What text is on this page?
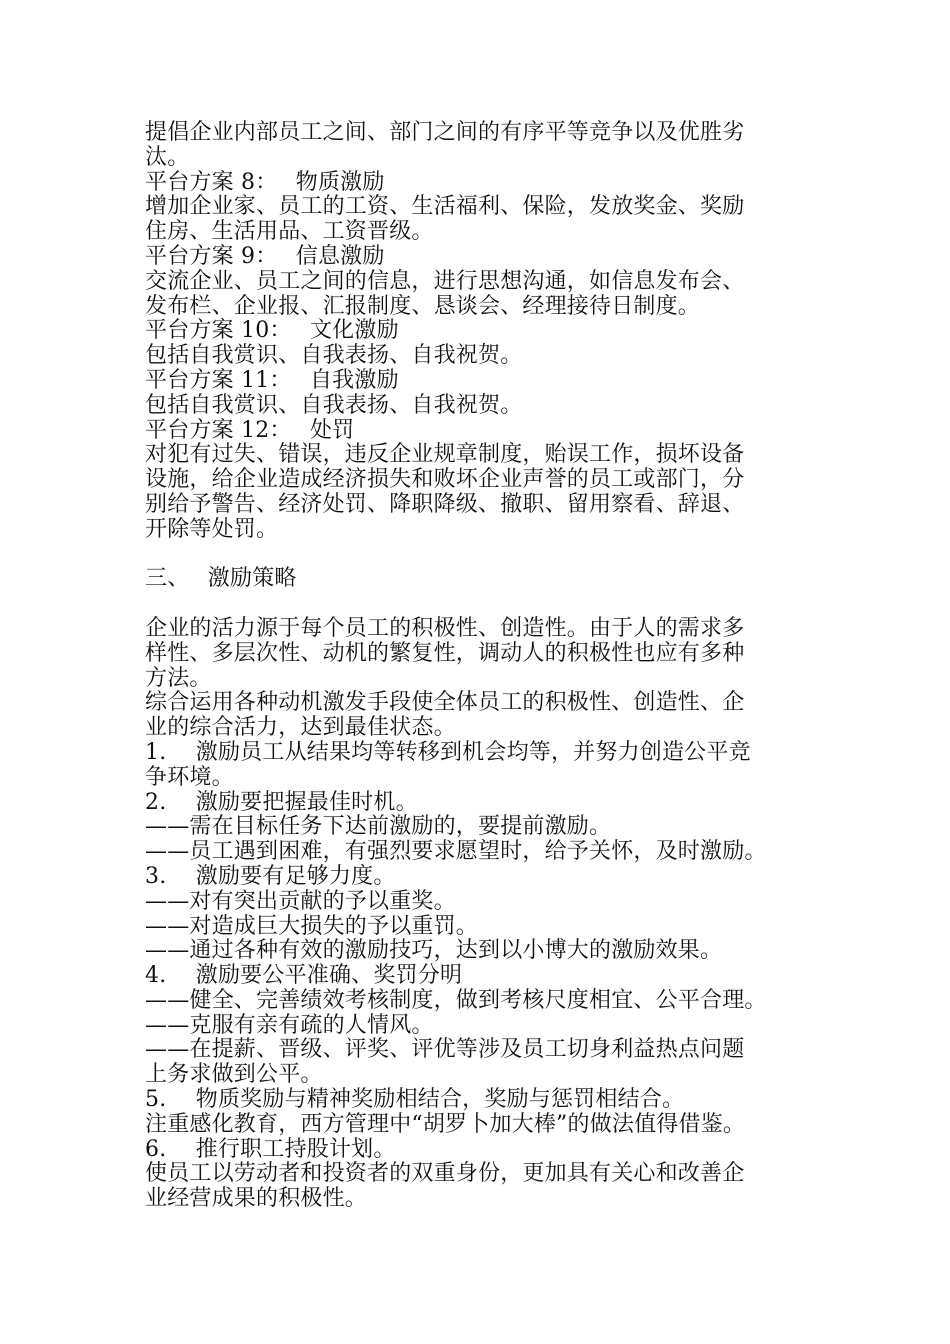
提倡企业内部员工之间、部门之间的有序平等竞争以及优胜劣
汰。
平台方案 8：　 物质激励
增加企业家、员工的工资、生活福利、保险，发放奖金、奖励
住房、生活用品、工资晋级。
平台方案 9：　 信息激励
交流企业、员工之间的信息，进行思想沟通，如信息发布会、
发布栏、企业报、汇报制度、恳谈会、经理接待日制度。
平台方案 10：　 文化激励
包括自我赏识、自我表扬、自我祝贺。
平台方案 11：　 自我激励
包括自我赏识、自我表扬、自我祝贺。
平台方案 12：　 处罚
对犯有过失、错误，违反企业规章制度，贻误工作，损坏设备
设施，给企业造成经济损失和败坏企业声誉的员工或部门，分
别给予警告、经济处罚、降职降级、撤职、留用察看、辞退、
开除等处罚。
三、　 激励策略
企业的活力源于每个员工的积极性、创造性。由于人的需求多
样性、多层次性、动机的繁复性，调动人的积极性也应有多种
方法。
综合运用各种动机激发手段使全体员工的积极性、创造性、企
业的综合活力，达到最佳状态。
1.　 激励员工从结果均等转移到机会均等，并努力创造公平竞
争环境。
2.　 激励要把握最佳时机。
——需在目标任务下达前激励的，要提前激励。
——员工遇到困难，有强烈要求愿望时，给予关怀，及时激励。
3.　 激励要有足够力度。
——对有突出贡献的予以重奖。
——对造成巨大损失的予以重罚。
——通过各种有效的激励技巧，达到以小博大的激励效果。
4.　 激励要公平准确、奖罚分明
——健全、完善绩效考核制度，做到考核尺度相宜、公平合理。
——克服有亲有疏的人情风。
——在提薪、晋级、评奖、评优等涉及员工切身利益热点问题
上务求做到公平。
5.　 物质奖励与精神奖励相结合，奖励与惩罚相结合。
注重感化教育，西方管理中“胡罗卜加大棒”的做法值得借鉴。
6.　 推行职工持股计划。
使员工以劳动者和投资者的双重身份，更加具有关心和改善企
业经营成果的积极性。
